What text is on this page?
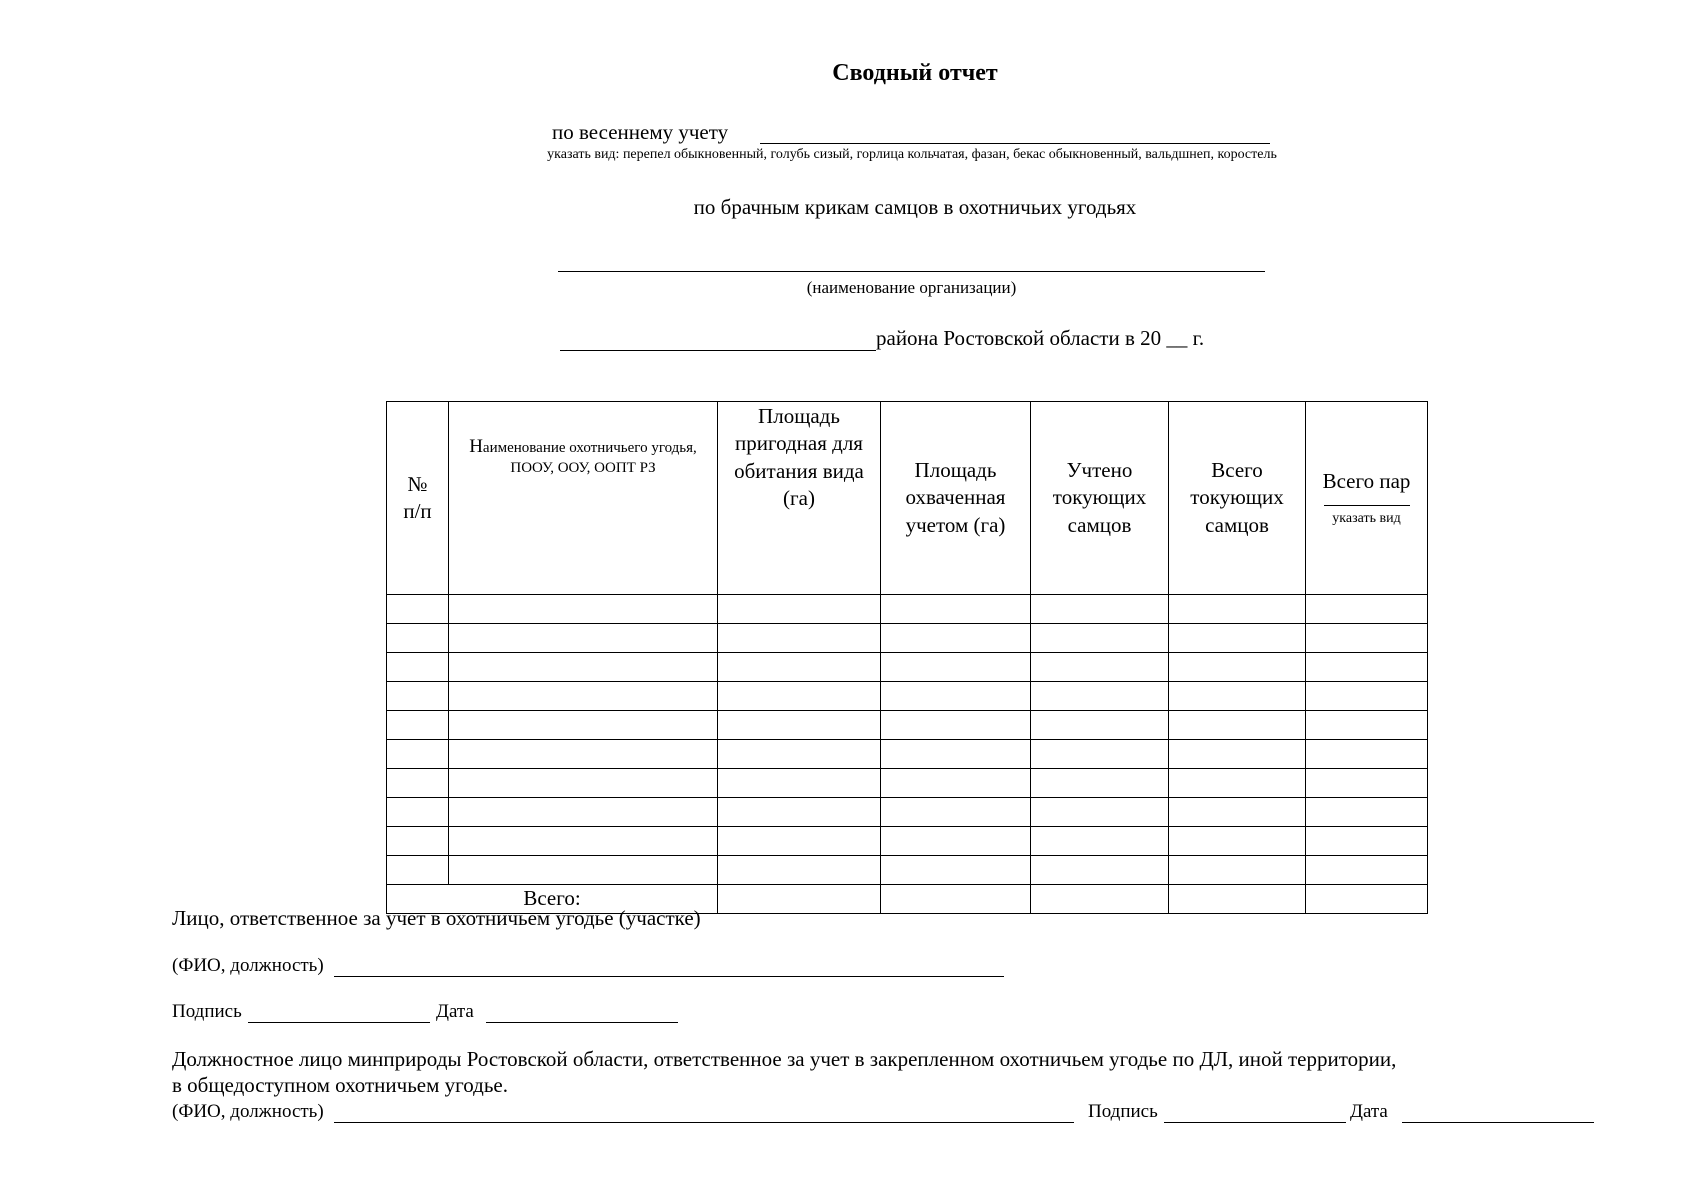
Сводный отчет
по весеннему учету
указать вид: перепел обыкновенный, голубь сизый, горлица кольчатая, фазан, бекас обыкновенный, вальдшнеп, коростель
по брачным крикам самцов в охотничьих угодьях
(наименование организации)
района Ростовской области в 20 __ г.
№ п/п	Наименование охотничьего угодья, ПООУ, ООУ, ООПТ РЗ	Площадь пригодная для обитания вида (га)	Площадь охваченная учетом (га)	Учтено токующих самцов	Всего токующих самцов	Всего пар
указать вид

Всего:						
Лицо, ответственное за учет в охотничьем угодье (участке)
(ФИО, должность)
Подпись	Дата
Должностное лицо минприроды Ростовской области, ответственное за учет в закрепленном охотничьем угодье по ДЛ, иной территории,
в общедоступном охотничьем угодье.
(ФИО, должность)	Подпись	Дата
